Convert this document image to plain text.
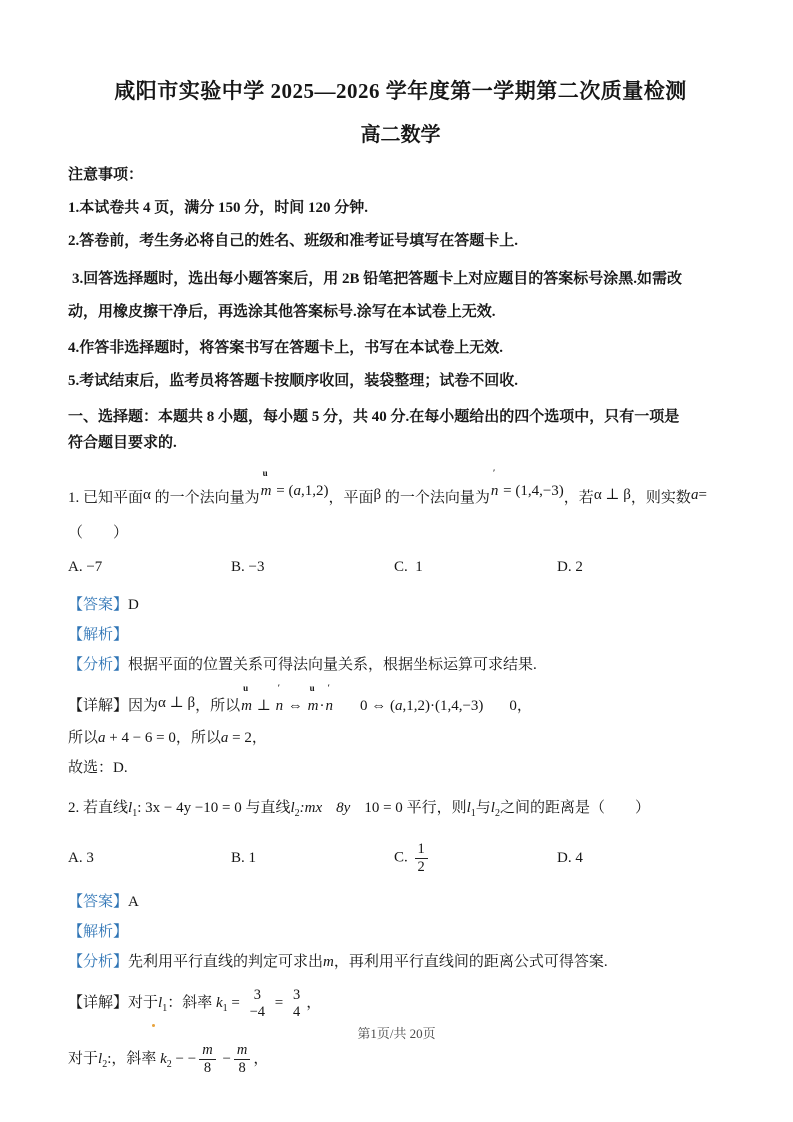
咸阳市实验中学 2025—2026 学年度第一学期第二次质量检测
高二数学
注意事项：
1.本试卷共 4 页，满分 150 分，时间 120 分钟.
2.答卷前，考生务必将自己的姓名、班级和准考证号填写在答题卡上.
3.回答选择题时，选出每小题答案后，用 2B 铅笔把答题卡上对应题目的答案标号涂黑.如需改
动，用橡皮擦干净后，再选涂其他答案标号.涂写在本试卷上无效.
4.作答非选择题时，将答案书写在答题卡上，书写在本试卷上无效.
5.考试结束后，监考员将答题卡按顺序收回，装袋整理；试卷不回收.
一、选择题：本题共 8 小题，每小题 5 分，共 40 分.在每小题给出的四个选项中，只有一项是
符合题目要求的.
1. 已知平面α 的一个法向量为
u
m = (a,1,2)，平面β 的一个法向量为
′
n = (1,4,−3)，若α ⊥ β，则实数a=
（　　）
A. −7	B. −3	C. 1	D. 2
【答案】D
【解析】
【分析】根据平面的位置关系可得法向量关系，根据坐标运算可求结果.
【详解】因为α ⊥ β，所以
u
m ⊥
′
n ⇔
u
m·
′
n 0 ⇔ (a,1,2)·(1,4,−3) 0，
所以a + 4 − 6 = 0，所以a = 2，
故选：D.
2. 若直线$l_1$: 3x − 4y −10 = 0 与直线$l_2:mx$ 8y 10 = 0 平行，则$l_1$与$l_2$之间的距离是（　　）
A. 3	B. 1	C. $\frac{1}{2}$	D. 4
【答案】A
【解析】
【分析】先利用平行直线的判定可求出m，再利用平行直线间的距离公式可得答案.
【详解】对于$l_1$：斜率 $k_1$ =
3
−4
=
3
4
，
对于$l_2$:，斜率 $k_2$ − − $\frac{m}{8} - \frac{m}{8}$ ，
第1页/共 20页
